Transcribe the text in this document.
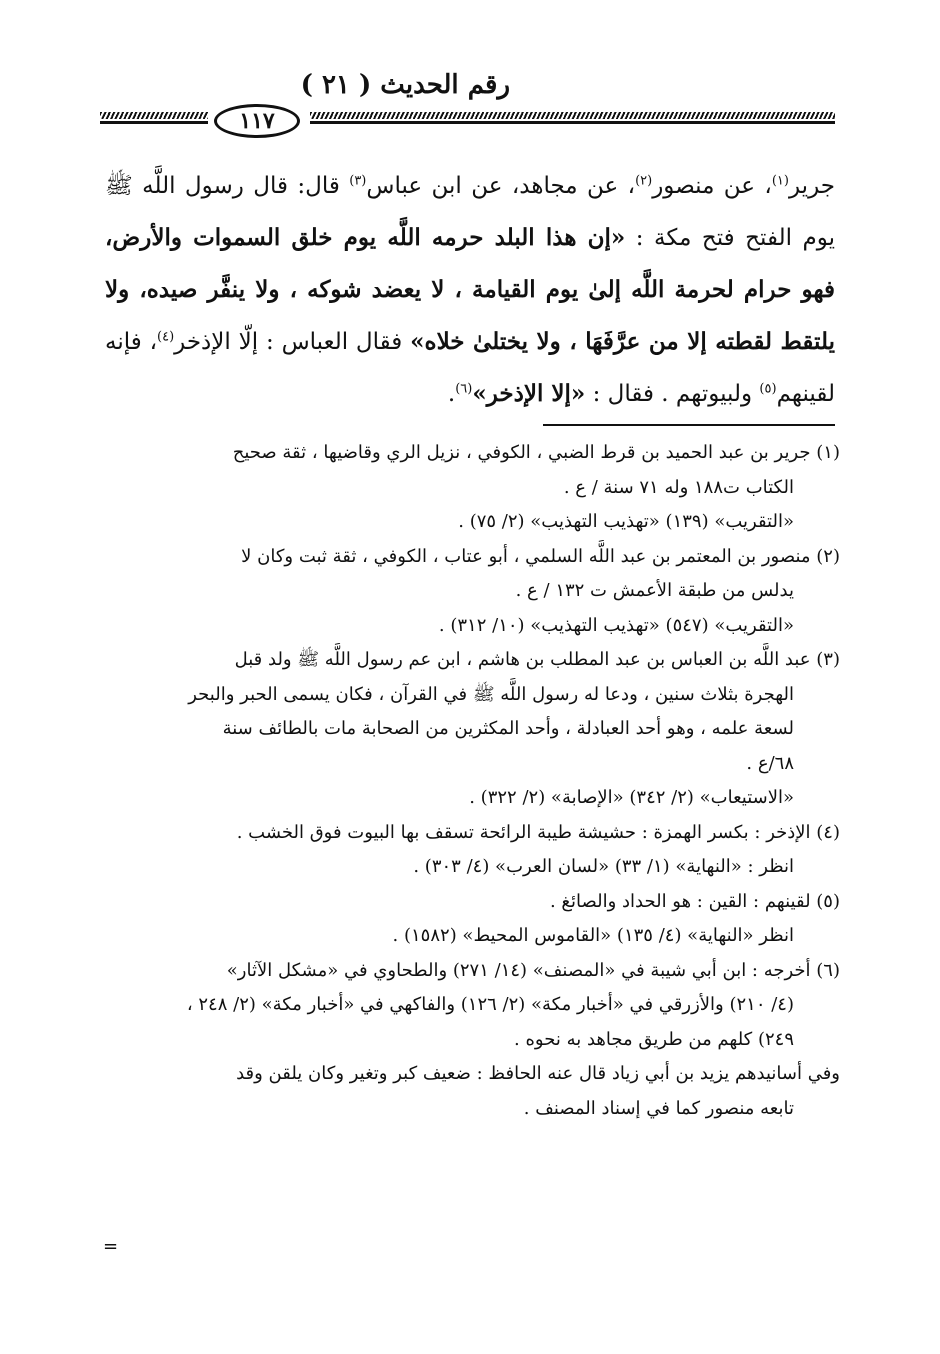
رقم الحديث ( ٢١ )
١١٧
جرير$^{(١)}$، عن منصور$^{(٢)}$، عن مجاهد، عن ابن عباس$^{(٣)}$ قال: قال رسول اللَّه ﷺ يوم الفتح فتح مكة : «إن هذا البلد حرمه اللَّه يوم خلق السموات والأرض، فهو حرام لحرمة اللَّه إلىٰ يوم القيامة ، لا يعضد شوكه ، ولا ينفَّر صيده، ولا يلتقط لقطته إلا من عرَّفَهَا ، ولا يختلىٰ خلاه» فقال العباس : إلّا الإذخر$^{(٤)}$، فإنه لقينهم$^{(٥)}$ ولبيوتهم . فقال : «إلا الإذخر»$^{(٦)}$.
(١) جرير بن عبد الحميد بن قرط الضبي ، الكوفي ، نزيل الري وقاضيها ، ثقة صحيح
الكتاب ت١٨٨ وله ٧١ سنة / ع .
«التقريب» (١٣٩) «تهذيب التهذيب» (٢/ ٧٥) .
(٢) منصور بن المعتمر بن عبد اللَّه السلمي ، أبو عتاب ، الكوفي ، ثقة ثبت وكان لا
يدلس من طبقة الأعمش ت ١٣٢ / ع .
«التقريب» (٥٤٧) «تهذيب التهذيب» (١٠/ ٣١٢) .
(٣) عبد اللَّه بن العباس بن عبد المطلب بن هاشم ، ابن عم رسول اللَّه ﷺ ولد قبل
الهجرة بثلاث سنين ، ودعا له رسول اللَّه ﷺ في القرآن ، فكان يسمى الحبر والبحر
لسعة علمه ، وهو أحد العبادلة ، وأحد المكثرين من الصحابة مات بالطائف سنة
٦٨/ع .
«الاستيعاب» (٢/ ٣٤٢) «الإصابة» (٢/ ٣٢٢) .
(٤) الإذخر : بكسر الهمزة : حشيشة طيبة الرائحة تسقف بها البيوت فوق الخشب .
انظر : «النهاية» (١/ ٣٣) «لسان العرب» (٤/ ٣٠٣) .
(٥) لقينهم : القين : هو الحداد والصائغ .
انظر «النهاية» (٤/ ١٣٥) «القاموس المحيط» (١٥٨٢) .
(٦) أخرجه : ابن أبي شيبة في «المصنف» (١٤/ ٢٧١) والطحاوي في «مشكل الآثار»
(٤/ ٢١٠) والأزرقي في «أخبار مكة» (٢/ ١٢٦) والفاكهي في «أخبار مكة» (٢/ ٢٤٨ ،
٢٤٩) كلهم من طريق مجاهد به نحوه .
وفي أسانيدهم يزيد بن أبي زياد قال عنه الحافظ : ضعيف كبر وتغير وكان يلقن وقد
تابعه منصور كما في إسناد المصنف .
=
